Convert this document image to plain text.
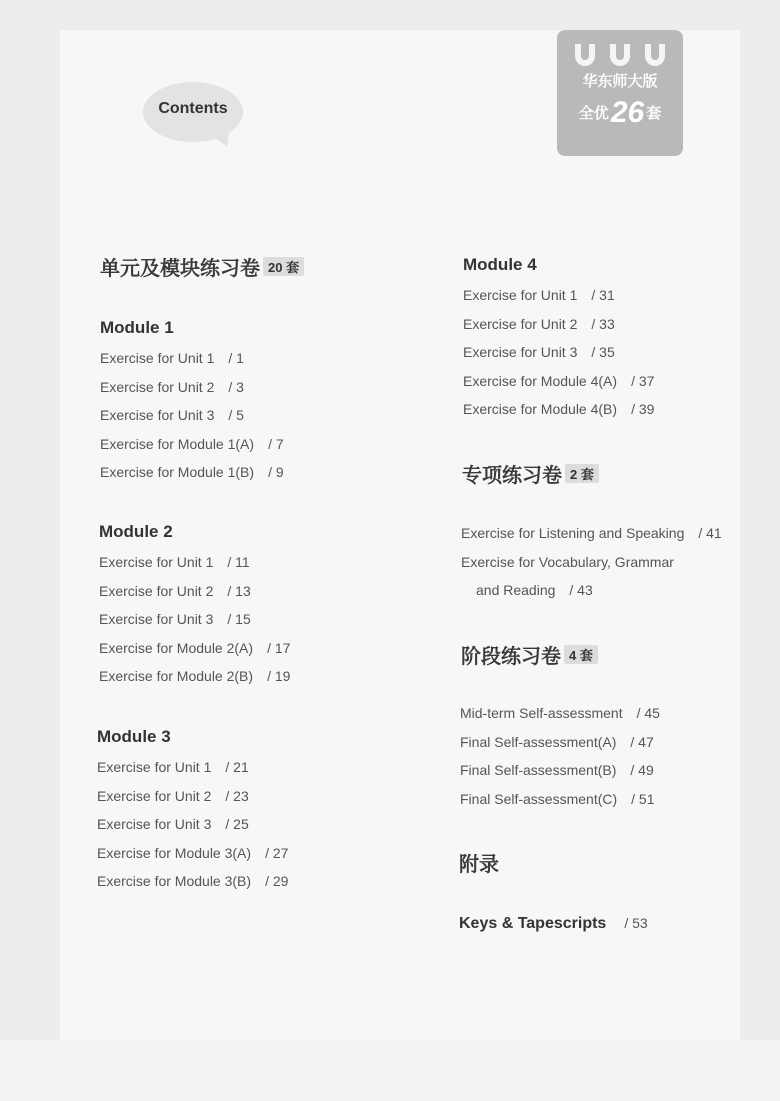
Contents
华东师大版
全优26 套
单元及模块练习卷 20 套
Module 1
Exercise for Unit 1 / 1
Exercise for Unit 2 / 3
Exercise for Unit 3 / 5
Exercise for Module 1(A) / 7
Exercise for Module 1(B) / 9
Module 2
Exercise for Unit 1 / 11
Exercise for Unit 2 / 13
Exercise for Unit 3 / 15
Exercise for Module 2(A) / 17
Exercise for Module 2(B) / 19
Module 3
Exercise for Unit 1 / 21
Exercise for Unit 2 / 23
Exercise for Unit 3 / 25
Exercise for Module 3(A) / 27
Exercise for Module 3(B) / 29
Module 4
Exercise for Unit 1 / 31
Exercise for Unit 2 / 33
Exercise for Unit 3 / 35
Exercise for Module 4(A) / 37
Exercise for Module 4(B) / 39
专项练习卷 2 套
Exercise for Listening and Speaking / 41
Exercise for Vocabulary, Grammar
and Reading / 43
阶段练习卷 4 套
Mid-term Self-assessment / 45
Final Self-assessment(A) / 47
Final Self-assessment(B) / 49
Final Self-assessment(C) / 51
附录
Keys & Tapescripts / 53
